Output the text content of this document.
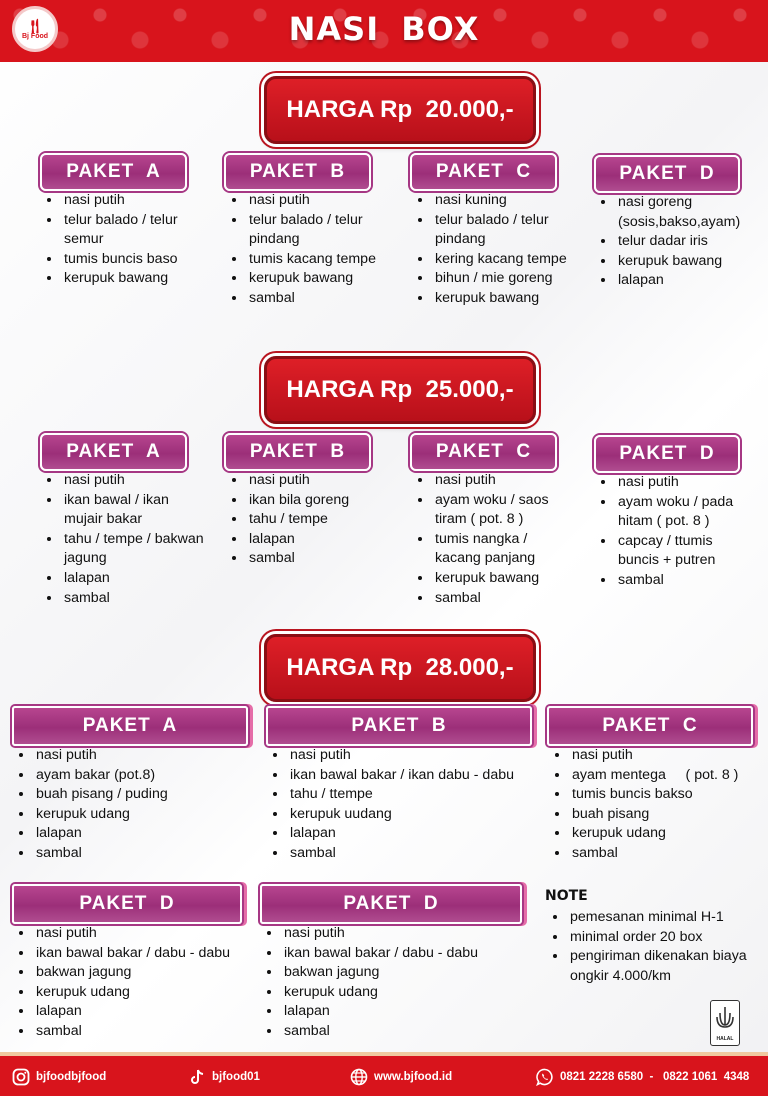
🍴︎
Bj Food	NASI BOX
HARGA Rp  20.000,-
PAKET  A	PAKET  B	PAKET  C	PAKET  D
• nasi putih
• telur balado / telur semur
• tumis buncis baso
• kerupuk bawang
• nasi putih
• telur balado / telur pindang
• tumis kacang tempe
• kerupuk bawang
• sambal
• nasi kuning
• telur balado / telur pindang
• kering kacang tempe
• bihun / mie goreng
• kerupuk bawang
• nasi goreng (sosis,bakso,ayam)
• telur dadar iris
• kerupuk bawang
• lalapan
HARGA Rp  25.000,-
PAKET  A	PAKET  B	PAKET  C	PAKET  D
• nasi putih
• ikan bawal / ikan mujair bakar
• tahu / tempe / bakwan jagung
• lalapan
• sambal
• nasi putih
• ikan bila goreng
• tahu / tempe
• lalapan
• sambal
• nasi putih
• ayam woku / saos tiram ( pot. 8 )
• tumis nangka / kacang panjang
• kerupuk bawang
• sambal
• nasi putih
• ayam woku / pada hitam ( pot. 8 )
• capcay / ttumis buncis + putren
• sambal
HARGA Rp  28.000,-
PAKET  A	PAKET  B	PAKET  C
• nasi putih
• ayam bakar (pot.8)
• buah pisang / puding
• kerupuk udang
• lalapan
• sambal
• nasi putih
• ikan bawal bakar / ikan dabu - dabu
• tahu / ttempe
• kerupuk uudang
• lalapan
• sambal
• nasi putih
• ayam mentega     ( pot. 8 )
• tumis buncis bakso
• buah pisang
• kerupuk udang
• sambal
PAKET  D	PAKET  D
• nasi putih
• ikan bawal bakar / dabu - dabu
• bakwan jagung
• kerupuk udang
• lalapan
• sambal
• nasi putih
• ikan bawal bakar / dabu - dabu
• bakwan jagung
• kerupuk udang
• lalapan
• sambal
NOTE
• pemesanan minimal H-1
• minimal order 20 box
• pengiriman dikenakan biaya ongkir 4.000/km
HALAL
bjfoodbjfood	bjfood01	www.bjfood.id	0821 2228 6580  -   0822 1061  4348
